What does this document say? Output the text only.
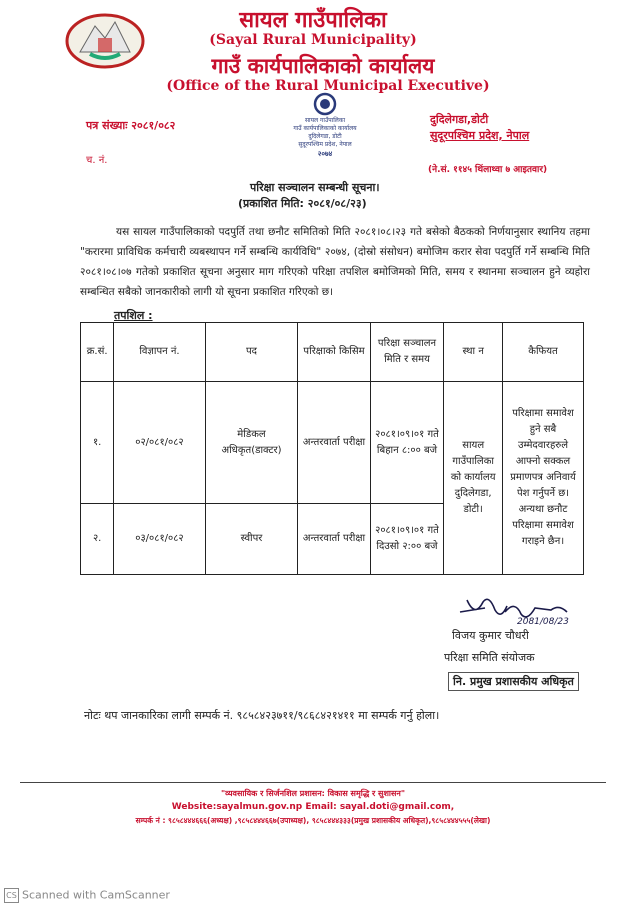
सायल गाउँपालिका
(Sayal Rural Municipality)
गाउँ कार्यपालिकाको कार्यालय
(Office of the Rural Municipal Executive)
सायल गाउँपालिका
गाउँ कार्यपालिकाको कार्यालय
दुदिलेगडा, डोटी
सुदूरपश्चिम प्रदेश, नेपाल
२०७४
पत्र संख्याः २०८१/०८२
च. नं.
दुदिलेगडा,डोटी
सुदूरपश्चिम प्रदेश, नेपाल
(ने.सं. ११४५ थिंलाथ्वा ७ आइतवार)
परिक्षा सञ्चालन सम्बन्धी सूचना।
(प्रकाशित मिति: २०८१/०८/२३)
यस सायल गाउँपालिकाको पदपुर्ति तथा छनौट समितिको मिति २०८१।०८।२३ गते बसेको बैठकको निर्णयानुसार स्थानिय तहमा "करारमा प्राविधिक कर्मचारी व्यबस्थापन गर्ने सम्बन्धि कार्यविधि" २०७४, (दोस्रो संसोधन) बमोजिम करार सेवा पदपुर्ति गर्ने सम्बन्धि मिति २०८१।०८।०७ गतेको प्रकाशित सूचना अनुसार माग गरिएको परिक्षा तपशिल बमोजिमको मिति, समय र स्थानमा सञ्चालन हुने व्यहोरा सम्बन्धित सबैको जानकारीको लागी यो सूचना प्रकाशित गरिएको छ।
तपशिल :
क्र.सं.	विज्ञापन नं.	पद	परिक्षाको किसिम	परिक्षा सञ्चालन मिति र समय	स्था न	कैफियत
१.	०२/०८१/०८२	मेडिकल अधिकृत(डाक्टर)	अन्तरवार्ता परीक्षा	२०८१।०९।०१ गते बिहान ८:०० बजे	सायल गाउँपालिका को कार्यालय दुदिलेगडा, डोटी।	परिक्षामा समावेश हुने सबै उम्मेदवारहरुले आफ्नो सक्कल प्रमाणपत्र अनिवार्य पेश गर्नुपर्ने छ। अन्यथा छनौट परिक्षामा समावेश गराइने छैन।
२.	०३/०८१/०८२	स्वीपर	अन्तरवार्ता परीक्षा	२०८१।०९।०१ गते दिउसो २:०० बजे		
2081/08/23
विजय कुमार चौधरी
परिक्षा समिति संयोजक
नि. प्रमुख प्रशासकीय अधिकृत
नोटः थप जानकारिका लागी सम्पर्क नं. ९८५८४२३७११/९८६८४२१४११ मा सम्पर्क गर्नु होला।
"व्यवसायिक र सिर्जनशिल प्रशासन: विकास समृद्धि र सुशासन"
Website:sayalmun.gov.np Email: sayal.doti@gmail.com,
सम्पर्क नं : ९८५८४४४६६६(अध्यक्ष) ,९८५८४४४६६७(उपाध्यक्ष), ९८५८४४४३३३(प्रमुख प्रशासकीय अधिकृत),९८५८४४४५५५(लेखा)
CS Scanned with CamScanner
